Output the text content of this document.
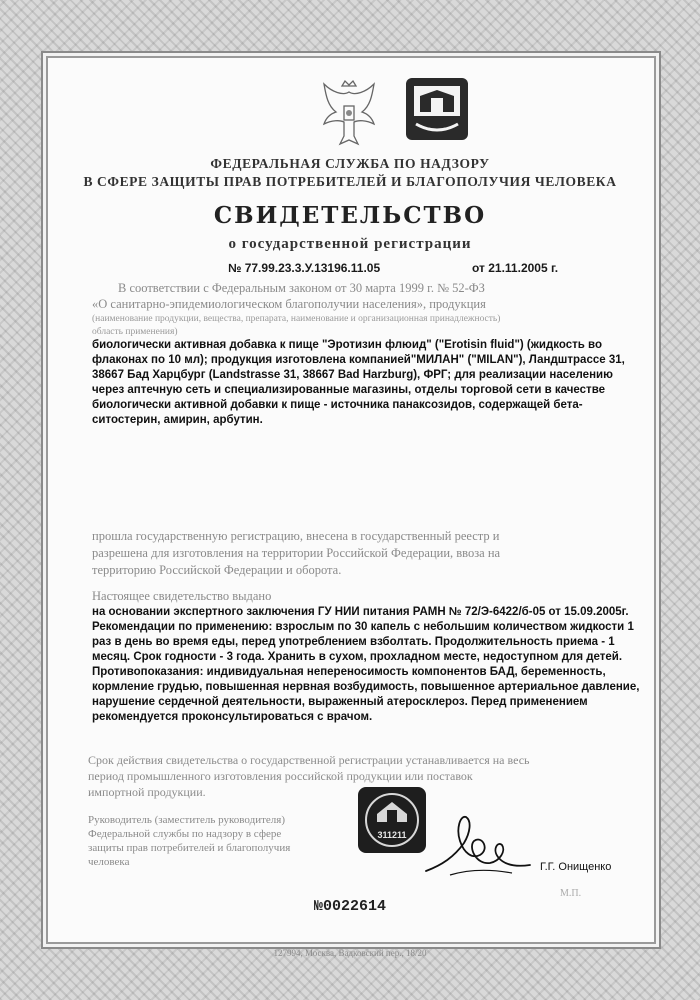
ФЕДЕРАЛЬНАЯ СЛУЖБА ПО НАДЗОРУ
В СФЕРЕ ЗАЩИТЫ ПРАВ ПОТРЕБИТЕЛЕЙ И БЛАГОПОЛУЧИЯ ЧЕЛОВЕКА
СВИДЕТЕЛЬСТВО
о государственной регистрации
№ 77.99.23.3.У.13196.11.05	от 21.11.2005 г.
В соответствии с Федеральным законом от 30 марта 1999 г. № 52-ФЗ
«О санитарно-эпидемиологическом благополучии населения», продукция
(наименование продукции, вещества, препарата, наименование и организационная принадлежность)
область применения)
биологически активная добавка к пище "Эротизин флюид" ("Erotisin fluid") (жидкость во
флаконах по 10 мл); продукция изготовлена компанией"МИЛАН" ("MILAN"), Ландштрассе 31,
38667 Бад Харцбург (Landstrasse 31, 38667 Bad Harzburg), ФРГ; для реализации населению
через аптечную сеть и специализированные магазины, отделы торговой сети в качестве
биологически активной добавки к пище - источника панаксозидов, содержащей бета-
ситостерин, амирин, арбутин.
прошла государственную регистрацию, внесена в государственный реестр и
разрешена для изготовления на территории Российской Федерации, ввоза на
территорию Российской Федерации и оборота.
Настоящее свидетельство выдано
на основании экспертного заключения ГУ НИИ питания РАМН № 72/Э-6422/б-05 от 15.09.2005г.
Рекомендации по применению: взрослым по 30 капель с небольшим количеством жидкости 1
раз в день во время еды, перед употреблением взболтать. Продолжительность приема - 1
месяц. Срок годности - 3 года. Хранить в сухом, прохладном месте, недоступном для детей.
Противопоказания: индивидуальная непереносимость компонентов БАД, беременность,
кормление грудью, повышенная нервная возбудимость, повышенное артериальное давление,
нарушение сердечной деятельности, выраженный атеросклероз. Перед применением
рекомендуется проконсультироваться с врачом.
Срок действия свидетельства о государственной регистрации устанавливается на весь
период промышленного изготовления российской продукции или поставок
импортной продукции.
Руководитель (заместитель руководителя)
Федеральной службы по надзору в сфере
защиты прав потребителей и благополучия
человека
311211
Г.Г. Онищенко
М.П.
№0022614
127994, Москва, Вадковский пер., 18/20
